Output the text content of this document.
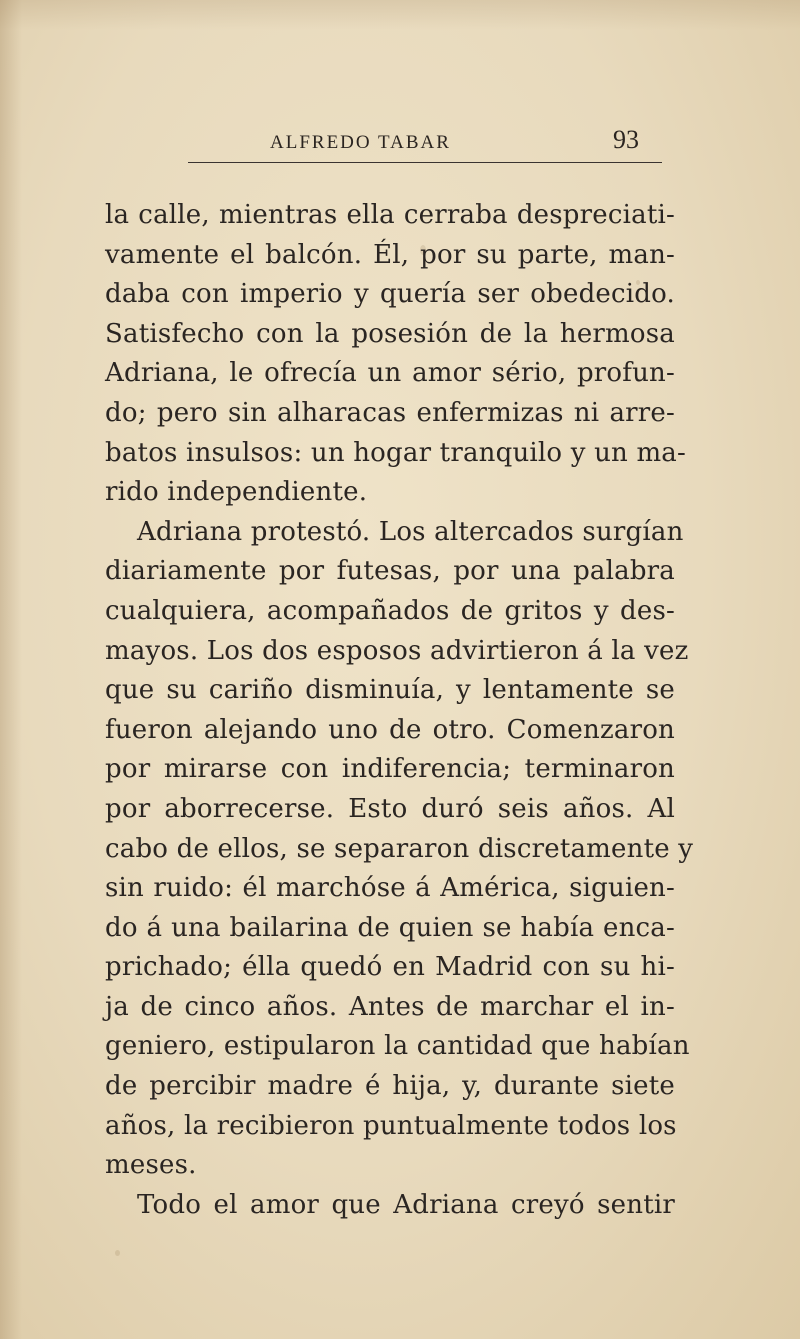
ALFREDO TABAR	93
la calle, mientras ella cerraba despreciati-
vamente el balcón. Él, por su parte, man-
daba con imperio y quería ser obedecido.
Satisfecho con la posesión de la hermosa
Adriana, le ofrecía un amor sério, profun-
do; pero sin alharacas enfermizas ni arre-
batos insulsos: un hogar tranquilo y un ma-
rido independiente.
Adriana protestó. Los altercados surgían
diariamente por futesas, por una palabra
cualquiera, acompañados de gritos y des-
mayos. Los dos esposos advirtieron á la vez
que su cariño disminuía, y lentamente se
fueron alejando uno de otro. Comenzaron
por mirarse con indiferencia; terminaron
por aborrecerse. Esto duró seis años. Al
cabo de ellos, se separaron discretamente y
sin ruido: él marchóse á América, siguien-
do á una bailarina de quien se había enca-
prichado; élla quedó en Madrid con su hi-
ja de cinco años. Antes de marchar el in-
geniero, estipularon la cantidad que habían
de percibir madre é hija, y, durante siete
años, la recibieron puntualmente todos los
meses.
Todo el amor que Adriana creyó sentir
